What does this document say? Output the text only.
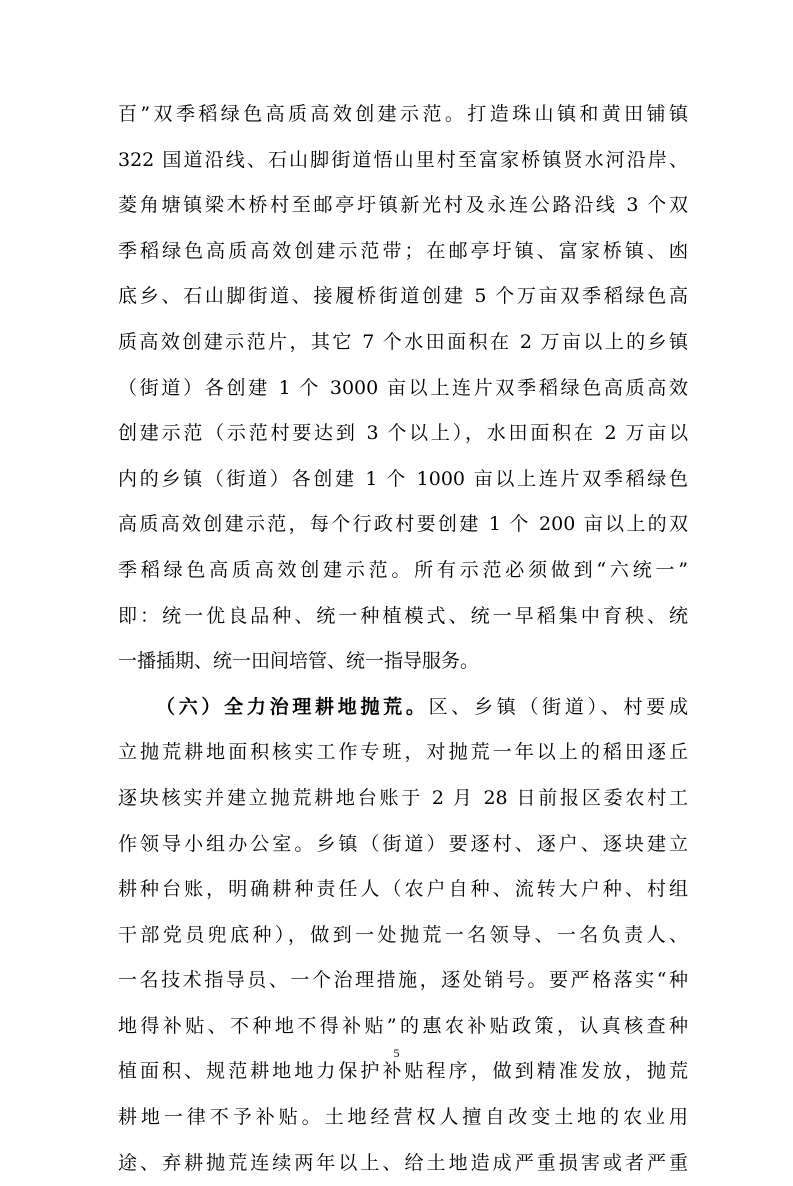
百”双季稻绿色高质高效创建示范。打造珠山镇和黄田铺镇
322 国道沿线、石山脚街道悟山里村至富家桥镇贤水河沿岸、
菱角塘镇梁木桥村至邮亭圩镇新光村及永连公路沿线 3 个双
季稻绿色高质高效创建示范带；在邮亭圩镇、富家桥镇、凼
底乡、石山脚街道、接履桥街道创建 5 个万亩双季稻绿色高
质高效创建示范片，其它 7 个水田面积在 2 万亩以上的乡镇
（街道）各创建 1 个 3000 亩以上连片双季稻绿色高质高效
创建示范（示范村要达到 3 个以上），水田面积在 2 万亩以
内的乡镇（街道）各创建 1 个 1000 亩以上连片双季稻绿色
高质高效创建示范，每个行政村要创建 1 个 200 亩以上的双
季稻绿色高质高效创建示范。所有示范必须做到“六统一”
即：统一优良品种、统一种植模式、统一早稻集中育秧、统
一播插期、统一田间培管、统一指导服务。
（六）全力治理耕地抛荒。区、乡镇（街道）、村要成
立抛荒耕地面积核实工作专班，对抛荒一年以上的稻田逐丘
逐块核实并建立抛荒耕地台账于 2 月 28 日前报区委农村工
作领导小组办公室。乡镇（街道）要逐村、逐户、逐块建立
耕种台账，明确耕种责任人（农户自种、流转大户种、村组
干部党员兜底种），做到一处抛荒一名领导、一名负责人、
一名技术指导员、一个治理措施，逐处销号。要严格落实“种
地得补贴、不种地不得补贴”的惠农补贴政策，认真核查种
植面积、规范耕地地力保护补贴程序，做到精准发放，抛荒
耕地一律不予补贴。土地经营权人擅自改变土地的农业用
途、弃耕抛荒连续两年以上、给土地造成严重损害或者严重
5
